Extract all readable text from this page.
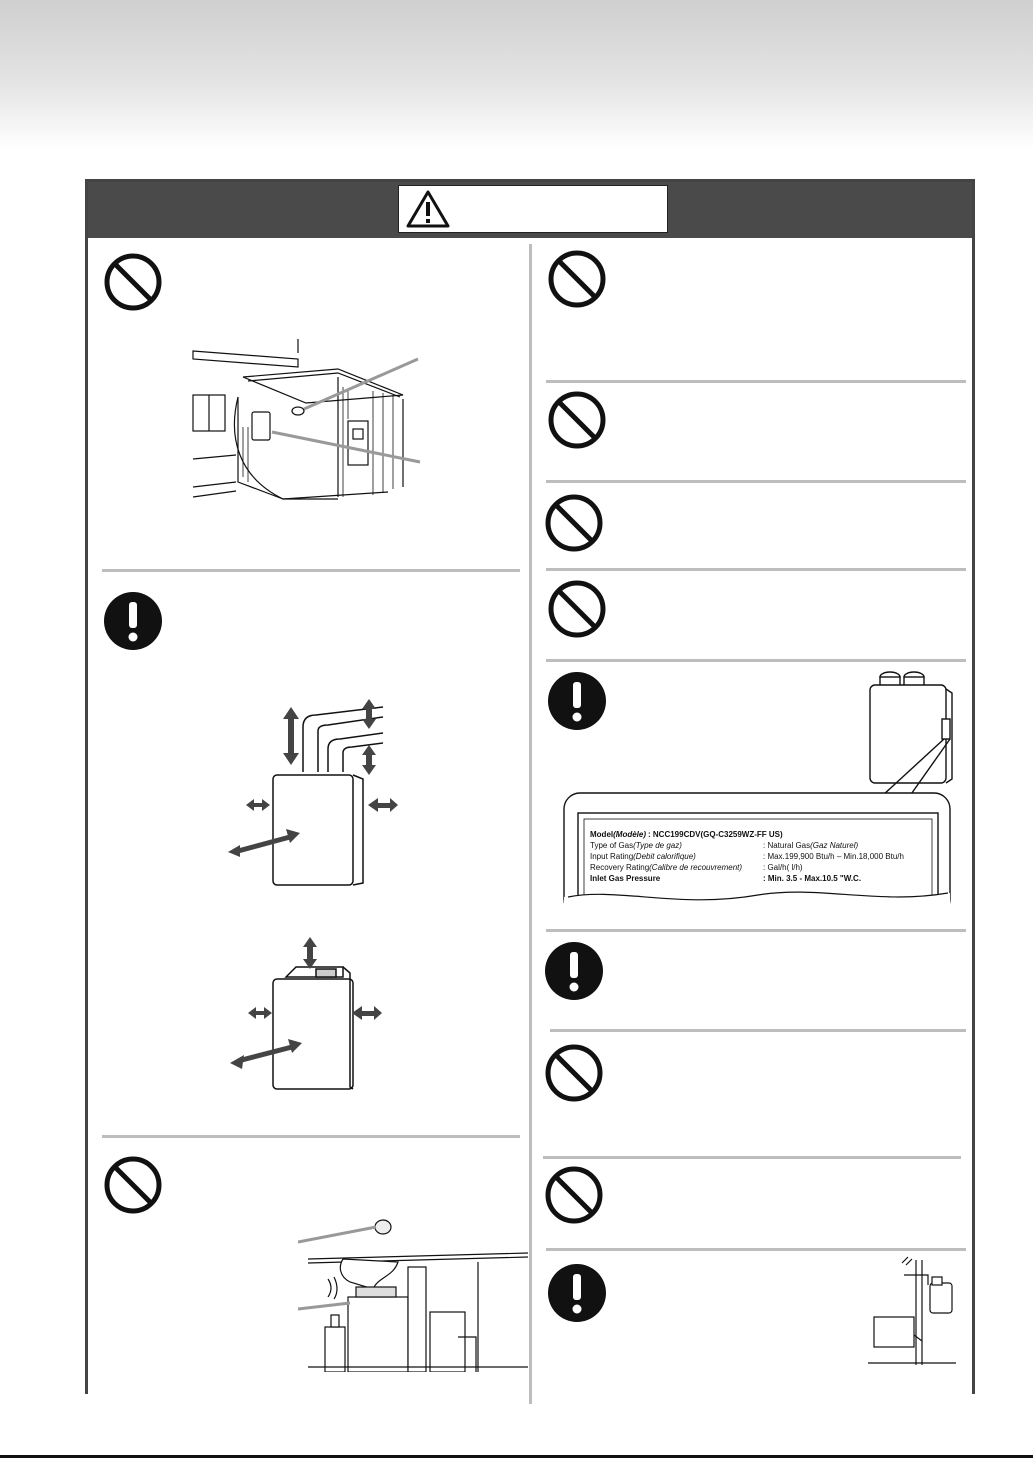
Model(Modèle) : NCC199CDV(GQ-C3259WZ-FF US)
Type of Gas(Type de gaz)	: Natural Gas(Gaz Naturel)
Input Rating(Debit calorifique)	: Max.199,900 Btu/h – Min.18,000 Btu/h
Recovery Rating(Calibre de recouvrement)	: Gal/h( l/h)
Inlet Gas Pressure	: Min. 3.5 - Max.10.5 "W.C.
